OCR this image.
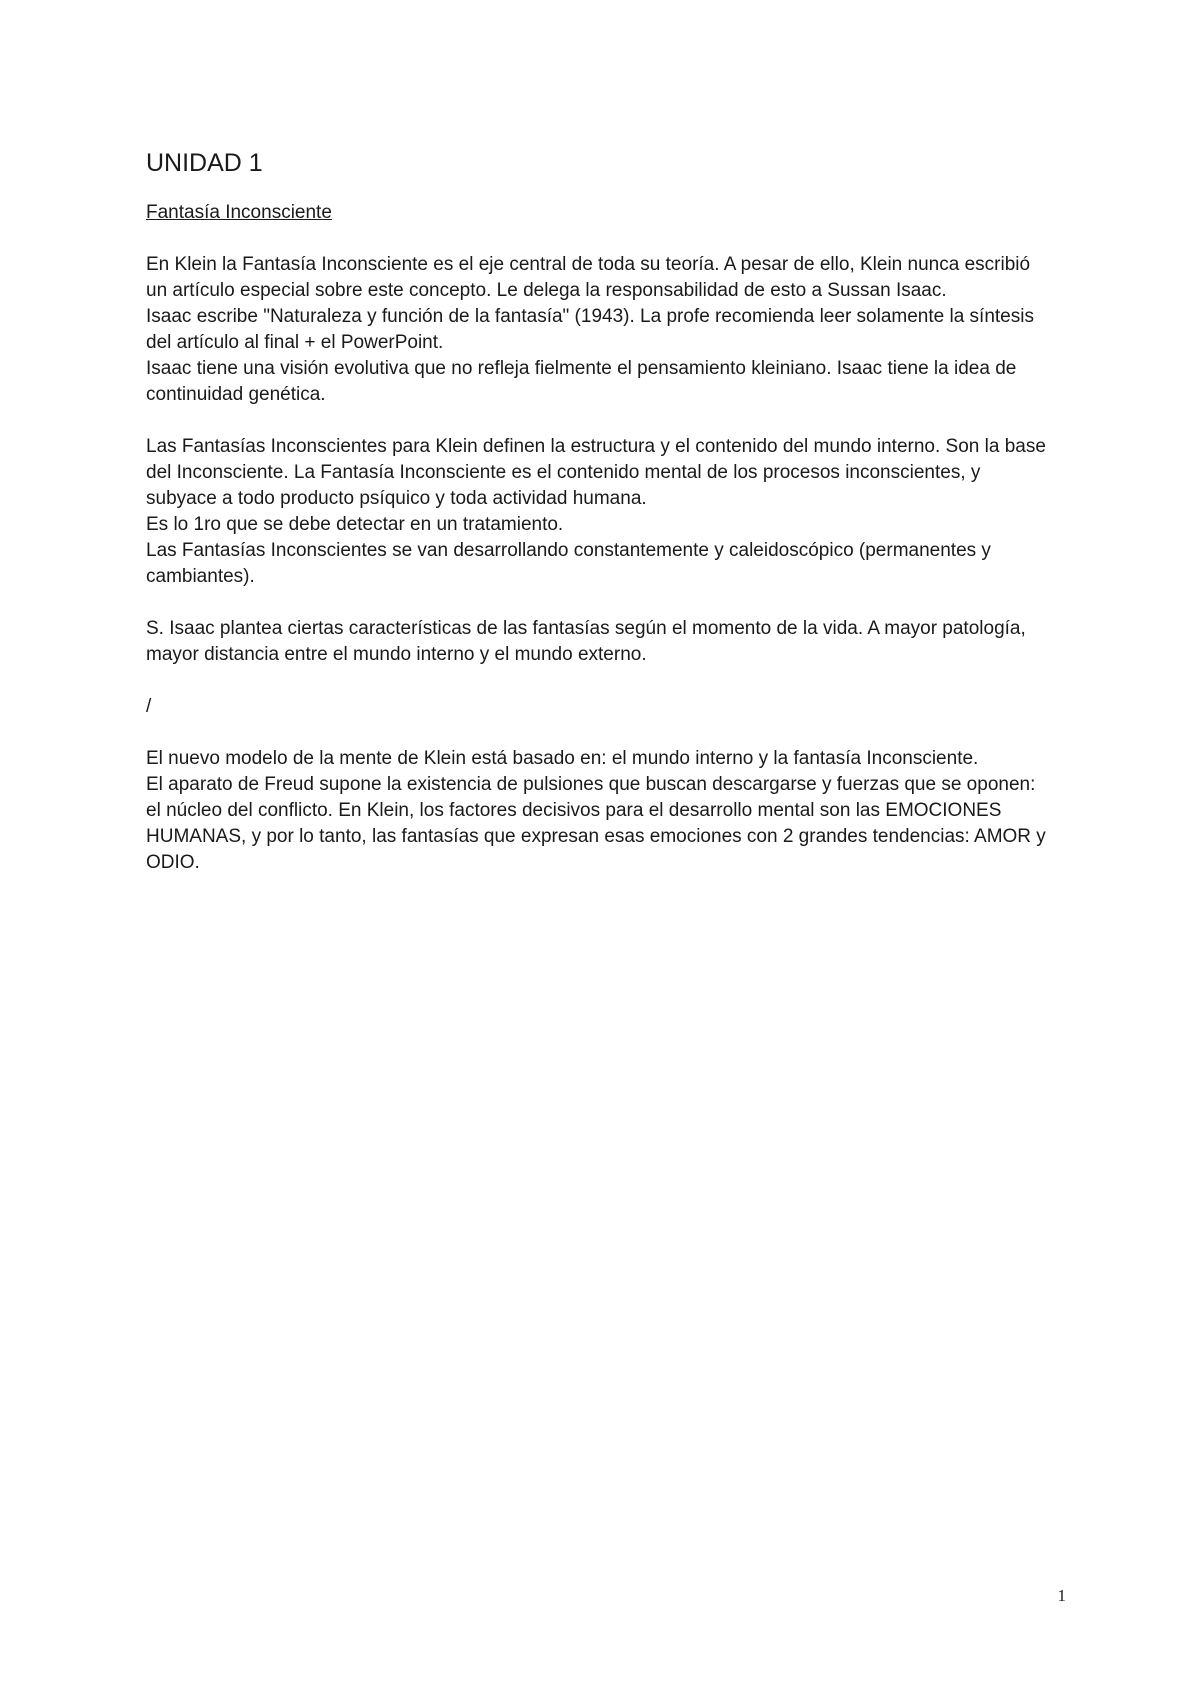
UNIDAD 1
Fantasía Inconsciente
En Klein la Fantasía Inconsciente es el eje central de toda su teoría. A pesar de ello, Klein nunca escribió un artículo especial sobre este concepto. Le delega la responsabilidad de esto a Sussan Isaac.
Isaac escribe "Naturaleza y función de la fantasía" (1943). La profe recomienda leer solamente la síntesis del artículo al final + el PowerPoint.
Isaac tiene una visión evolutiva que no refleja fielmente el pensamiento kleiniano. Isaac tiene la idea de continuidad genética.
Las Fantasías Inconscientes para Klein definen la estructura y el contenido del mundo interno. Son la base del Inconsciente. La Fantasía Inconsciente es el contenido mental de los procesos inconscientes, y subyace a todo producto psíquico y toda actividad humana.
Es lo 1ro que se debe detectar en un tratamiento.
Las Fantasías Inconscientes se van desarrollando constantemente y caleidoscópico (permanentes y cambiantes).
S. Isaac plantea ciertas características de las fantasías según el momento de la vida. A mayor patología, mayor distancia entre el mundo interno y el mundo externo.
/
El nuevo modelo de la mente de Klein está basado en: el mundo interno y la fantasía Inconsciente.
El aparato de Freud supone la existencia de pulsiones que buscan descargarse y fuerzas que se oponen: el núcleo del conflicto. En Klein, los factores decisivos para el desarrollo mental son las EMOCIONES HUMANAS, y por lo tanto, las fantasías que expresan esas emociones con 2 grandes tendencias: AMOR y ODIO.
1
